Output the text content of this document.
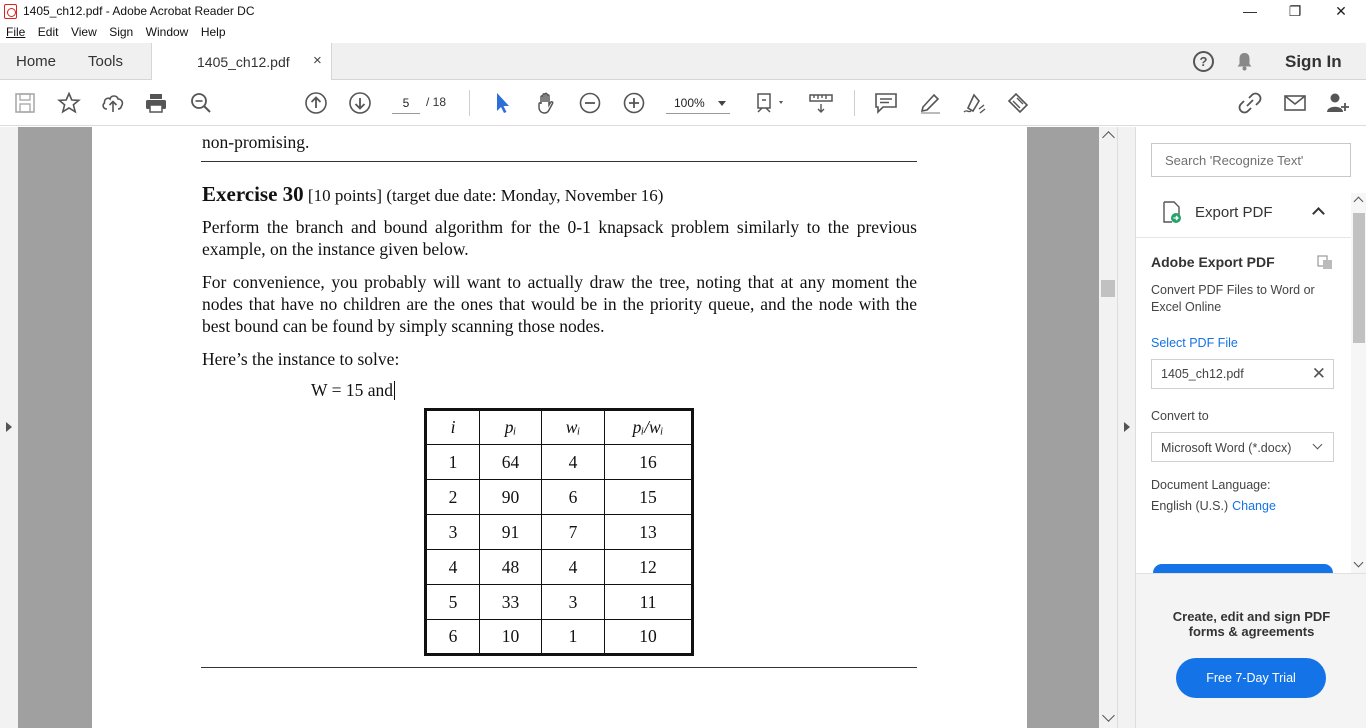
1405_ch12.pdf - Adobe Acrobat Reader DC	—	❐	✕
File Edit View Sign Window Help
Home Tools	1405_ch12.pdf ×	?	Sign In
5	/ 18	100%
non-promising.
Exercise 30 [10 points] (target due date: Monday, November 16)
Perform the branch and bound algorithm for the 0-1 knapsack problem similarly to the previous example, on the instance given below.
For convenience, you probably will want to actually draw the tree, noting that at any moment the nodes that have no children are the ones that would be in the priority queue, and the node with the best bound can be found by simply scanning those nodes.
Here’s the instance to solve:
W = 15 and
i	pᵢ	wᵢ	pᵢ/wᵢ
1	64	4	16
2	90	6	15
3	91	7	13
4	48	4	12
5	33	3	11
6	10	1	10
Search 'Recognize Text'
Export PDF
Adobe Export PDF
Convert PDF Files to Word or Excel Online
Select PDF File
1405_ch12.pdf	✕
Convert to
Microsoft Word (*.docx)
Document Language:
English (U.S.) Change
Create, edit and sign PDF
forms & agreements
Free 7-Day Trial
